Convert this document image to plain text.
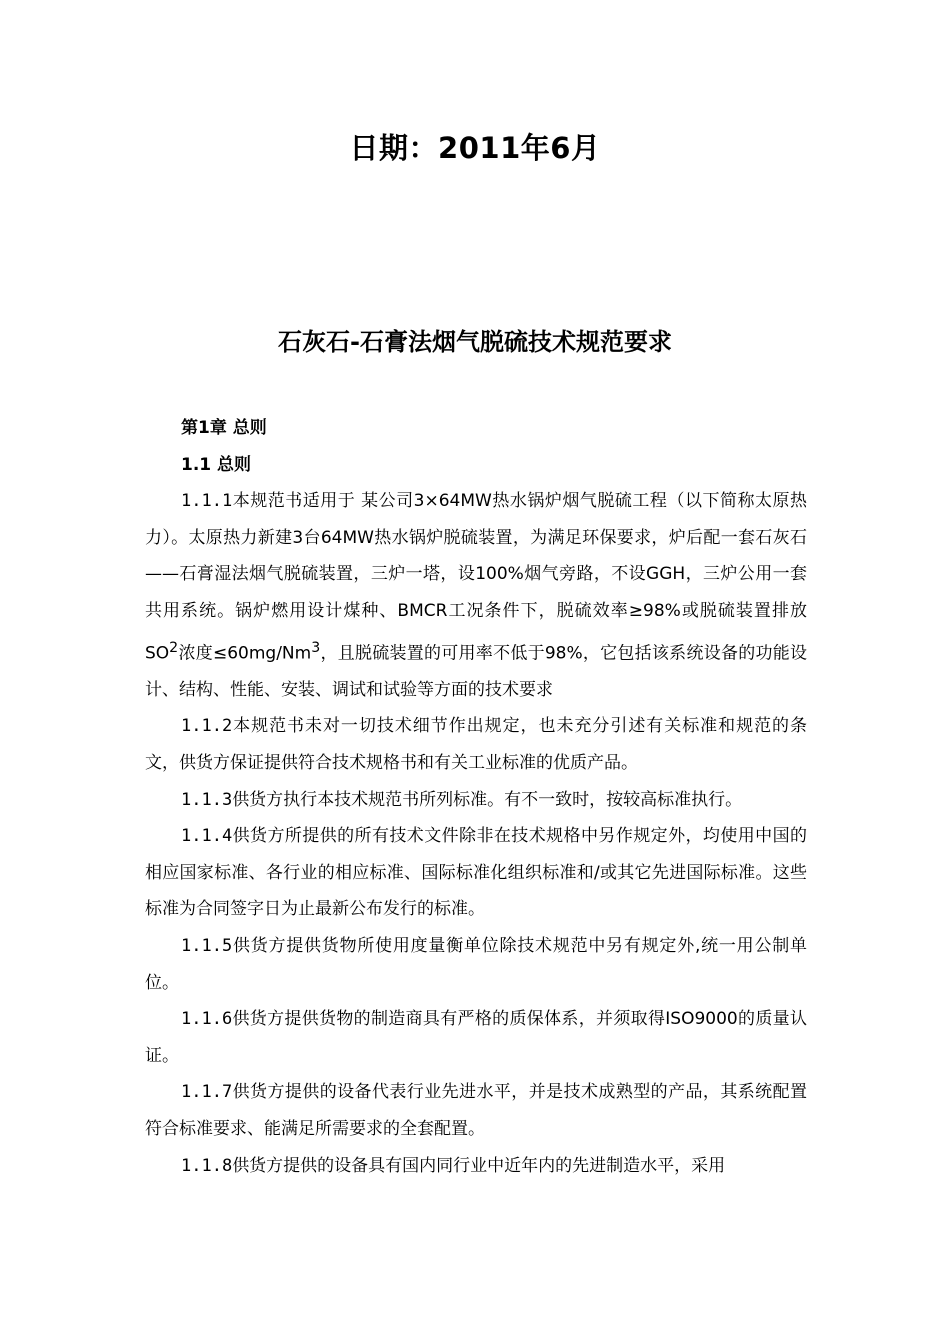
日期：2011年6月
石灰石-石膏法烟气脱硫技术规范要求

第1章 总则

1.1 总则

1.1.1本规范书适用于 某公司3×64MW热水锅炉烟气脱硫工程（以下简称太原热力）。太原热力新建3台64MW热水锅炉脱硫装置，为满足环保要求，炉后配一套石灰石——石膏湿法烟气脱硫装置，三炉一塔，设100%烟气旁路，不设GGH，三炉公用一套共用系统。锅炉燃用设计煤种、BMCR工况条件下，脱硫效率≥98%或脱硫装置排放$SO^2$浓度$\le 60mg/Nm^3$，且脱硫装置的可用率不低于98%，它包括该系统设备的功能设计、结构、性能、安装、调试和试验等方面的技术要求

1.1.2本规范书未对一切技术细节作出规定，也未充分引述有关标准和规范的条文，供货方保证提供符合技术规格书和有关工业标准的优质产品。

1.1.3供货方执行本技术规范书所列标准。有不一致时，按较高标准执行。

1.1.4供货方所提供的所有技术文件除非在技术规格中另作规定外，均使用中国的相应国家标准、各行业的相应标准、国际标准化组织标准和/或其它先进国际标准。这些标准为合同签字日为止最新公布发行的标准。

1.1.5供货方提供货物所使用度量衡单位除技术规范中另有规定外,统一用公制单位。

1.1.6供货方提供货物的制造商具有严格的质保体系，并须取得ISO9000的质量认证。

1.1.7供货方提供的设备代表行业先进水平，并是技术成熟型的产品，其系统配置符合标准要求、能满足所需要求的全套配置。

1.1.8供货方提供的设备具有国内同行业中近年内的先进制造水平，采用
